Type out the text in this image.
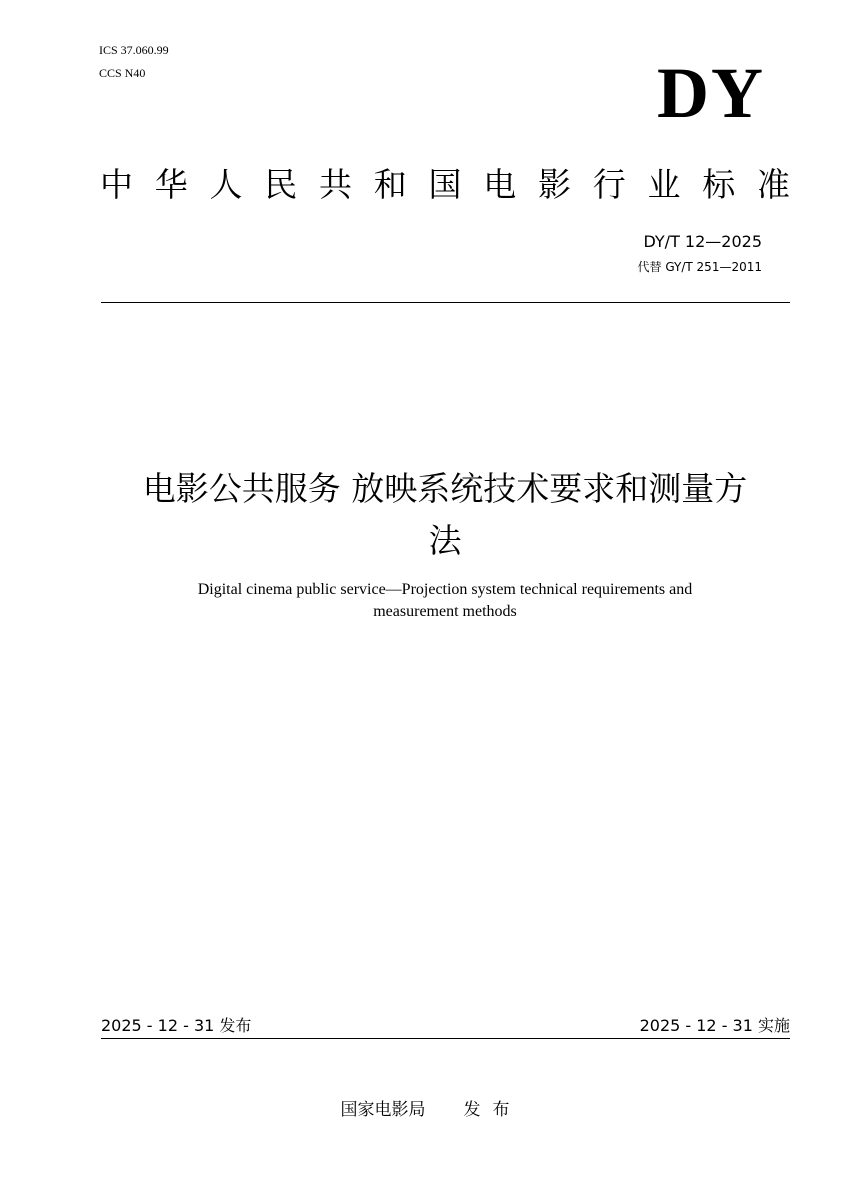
ICS 37.060.99
CCS N40	DY
中 华 人 民 共 和 国 电 影 行 业 标 准
DY/T 12—2025
代替 GY/T 251—2011
电影公共服务 放映系统技术要求和测量方
法
Digital cinema public service—Projection system technical requirements and
measurement methods
2025 - 12 - 31 发布	2025 - 12 - 31 实施
国家电影局 发 布
